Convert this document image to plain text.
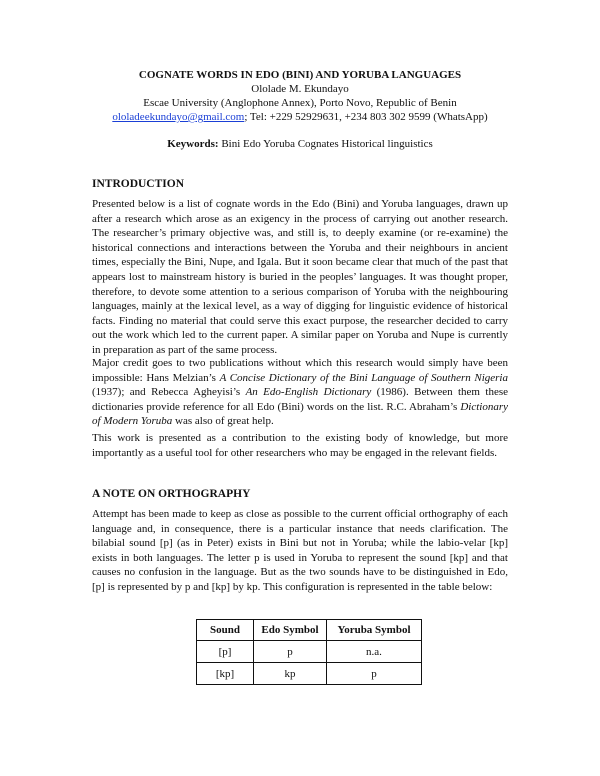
COGNATE WORDS IN EDO (BINI) AND YORUBA LANGUAGES
Ololade M. Ekundayo
Escae University (Anglophone Annex), Porto Novo, Republic of Benin
ololadeekundayo@gmail.com; Tel: +229 52929631, +234 803 302 9599 (WhatsApp)
Keywords: Bini Edo Yoruba Cognates Historical linguistics
INTRODUCTION

Presented below is a list of cognate words in the Edo (Bini) and Yoruba languages, drawn up after a research which arose as an exigency in the process of carrying out another research. The researcher’s primary objective was, and still is, to deeply examine (or re-examine) the historical connections and interactions between the Yoruba and their neighbours in ancient times, especially the Bini, Nupe, and Igala. But it soon became clear that much of the past that appears lost to mainstream history is buried in the peoples’ languages. It was thought proper, therefore, to devote some attention to a serious comparison of Yoruba with the neighbouring languages, mainly at the lexical level, as a way of digging for linguistic evidence of historical facts. Finding no material that could serve this exact purpose, the researcher decided to carry out the work which led to the current paper. A similar paper on Yoruba and Nupe is currently in preparation as part of the same process.

Major credit goes to two publications without which this research would simply have been impossible: Hans Melzian’s A Concise Dictionary of the Bini Language of Southern Nigeria (1937); and Rebecca Agheyisi’s An Edo-English Dictionary (1986). Between them these dictionaries provide reference for all Edo (Bini) words on the list. R.C. Abraham’s Dictionary of Modern Yoruba was also of great help.

This work is presented as a contribution to the existing body of knowledge, but more importantly as a useful tool for other researchers who may be engaged in the relevant fields.

A NOTE ON ORTHOGRAPHY

Attempt has been made to keep as close as possible to the current official orthography of each language and, in consequence, there is a particular instance that needs clarification. The bilabial sound [p] (as in Peter) exists in Bini but not in Yoruba; while the labio-velar [kp] exists in both languages. The letter p is used in Yoruba to represent the sound [kp] and that causes no confusion in the language. But as the two sounds have to be distinguished in Edo, [p] is represented by p and [kp] by kp. This configuration is represented in the table below:

Sound	Edo Symbol	Yoruba Symbol
[p]	p	n.a.
[kp]	kp	p
